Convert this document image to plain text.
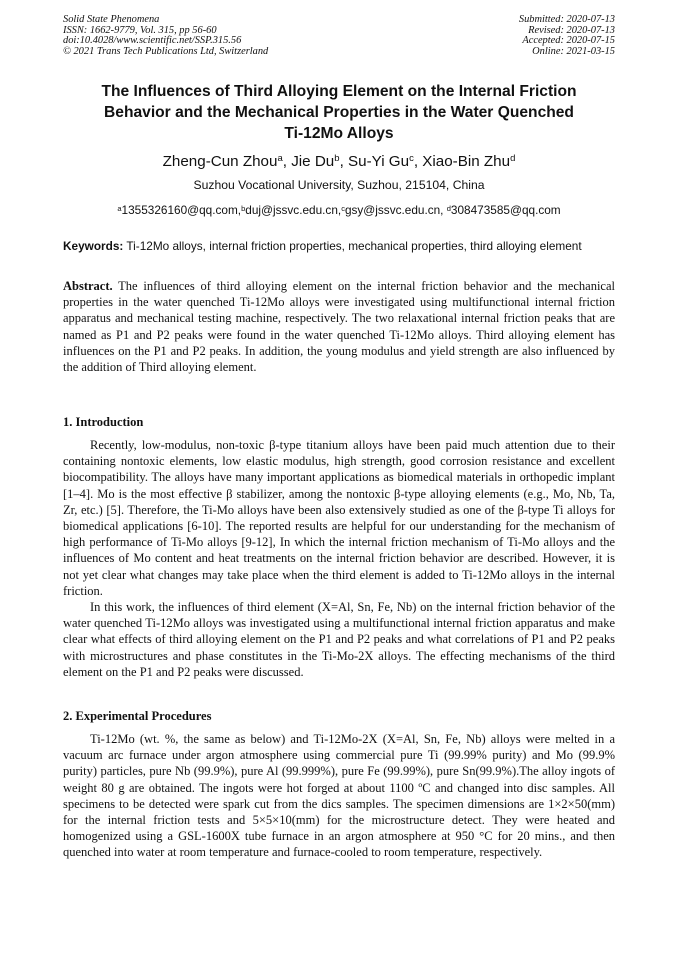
Solid State Phenomena
ISSN: 1662-9779, Vol. 315, pp 56-60
doi:10.4028/www.scientific.net/SSP.315.56
© 2021 Trans Tech Publications Ltd, Switzerland
Submitted: 2020-07-13
Revised: 2020-07-13
Accepted: 2020-07-15
Online: 2021-03-15
The Influences of Third Alloying Element on the Internal Friction
Behavior and the Mechanical Properties in the Water Quenched
Ti-12Mo Alloys
Zheng-Cun Zhou$^a$, Jie Du$^b$, Su-Yi Gu$^c$, Xiao-Bin Zhu$^d$
Suzhou Vocational University, Suzhou, 215104, China
$^a$1355326160@qq.com,$^b$duj@jssvc.edu.cn,$^c$gsy@jssvc.edu.cn, $^d$308473585@qq.com
Keywords: Ti-12Mo alloys, internal friction properties, mechanical properties, third alloying element

Abstract. The influences of third alloying element on the internal friction behavior and the mechanical properties in the water quenched Ti-12Mo alloys were investigated using multifunctional internal friction apparatus and mechanical testing machine, respectively. The two relaxational internal friction peaks that are named as P1 and P2 peaks were found in the water quenched Ti-12Mo alloys. Third alloying element has influences on the P1 and P2 peaks. In addition, the young modulus and yield strength are also influenced by the addition of Third alloying element.

1. Introduction

Recently, low-modulus, non-toxic β-type titanium alloys have been paid much attention due to their containing nontoxic elements, low elastic modulus, high strength, good corrosion resistance and excellent biocompatibility. The alloys have many important applications as biomedical materials in orthopedic implant [1–4]. Mo is the most effective β stabilizer, among the nontoxic β-type alloying elements (e.g., Mo, Nb, Ta, Zr, etc.) [5]. Therefore, the Ti-Mo alloys have been also extensively studied as one of the β-type Ti alloys for biomedical applications [6-10]. The reported results are helpful for our understanding for the mechanism of high performance of Ti-Mo alloys [9-12], In which the internal friction mechanism of Ti-Mo alloys and the influences of Mo content and heat treatments on the internal friction behavior are described. However, it is not yet clear what changes may take place when the third element is added to Ti-12Mo alloys in the internal friction.

In this work, the influences of third element (X=Al, Sn, Fe, Nb) on the internal friction behavior of the water quenched Ti-12Mo alloys was investigated using a multifunctional internal friction apparatus and make clear what effects of third alloying element on the P1 and P2 peaks and what correlations of P1 and P2 peaks with microstructures and phase constitutes in the Ti-Mo-2X alloys. The effecting mechanisms of the third element on the P1 and P2 peaks were discussed.

2. Experimental Procedures

Ti-12Mo (wt. %, the same as below) and Ti-12Mo-2X (X=Al, Sn, Fe, Nb) alloys were melted in a vacuum arc furnace under argon atmosphere using commercial pure Ti (99.99% purity) and Mo (99.9% purity) particles, pure Nb (99.9%), pure Al (99.999%), pure Fe (99.99%), pure Sn(99.9%).The alloy ingots of weight 80 g are obtained. The ingots were hot forged at about 1100 ºC and changed into disc samples. All specimens to be detected were spark cut from the dics samples. The specimen dimensions are 1×2×50(mm) for the internal friction tests and 5×5×10(mm) for the microstructure detect. They were heated and homogenized using a GSL-1600X tube furnace in an argon atmosphere at 950 °C for 20 mins., and then quenched into water at room temperature and furnace-cooled to room temperature, respectively.
